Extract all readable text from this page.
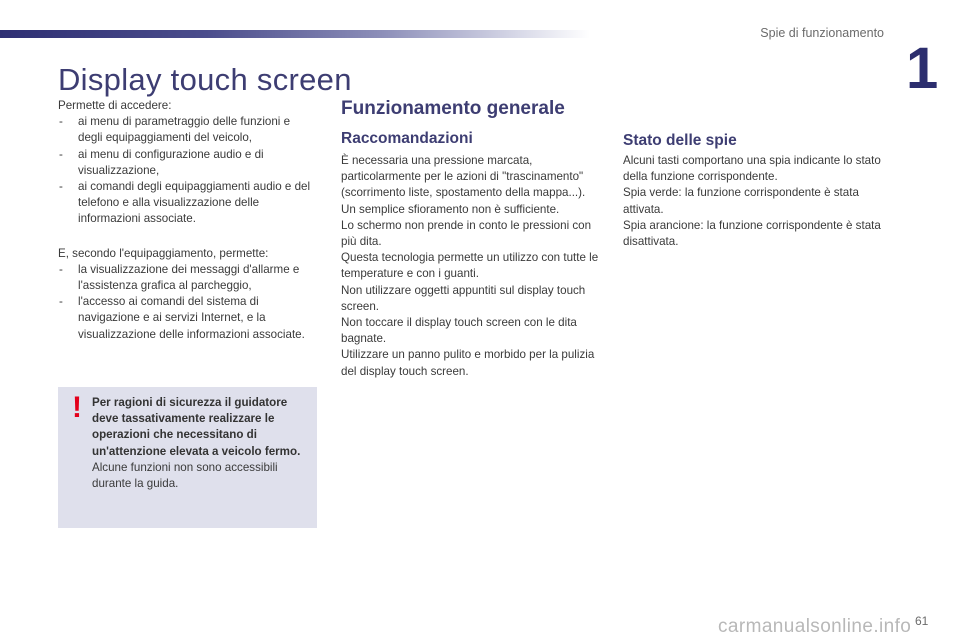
Spie di funzionamento
1
Display touch screen

Permette di accedere:

- ai menu di parametraggio delle funzioni e degli equipaggiamenti del veicolo,
- ai menu di configurazione audio e di visualizzazione,
- ai comandi degli equipaggiamenti audio e del telefono e alla visualizzazione delle informazioni associate.

E, secondo l'equipaggiamento, permette:

- la visualizzazione dei messaggi d'allarme e l'assistenza grafica al parcheggio,
- l'accesso ai comandi del sistema di navigazione e ai servizi Internet, e la visualizzazione delle informazioni associate.
! Per ragioni di sicurezza il guidatore deve tassativamente realizzare le operazioni che necessitano di un'attenzione elevata a veicolo fermo.
Alcune funzioni non sono accessibili durante la guida.
Funzionamento generale
Raccomandazioni

È necessaria una pressione marcata, particolarmente per le azioni di "trascinamento" (scorrimento liste, spostamento della mappa...).

Un semplice sfioramento non è sufficiente.

Lo schermo non prende in conto le pressioni con più dita.

Questa tecnologia permette un utilizzo con tutte le temperature e con i guanti.

Non utilizzare oggetti appuntiti sul display touch screen.

Non toccare il display touch screen con le dita bagnate.

Utilizzare un panno pulito e morbido per la pulizia del display touch screen.

Stato delle spie

Alcuni tasti comportano una spia indicante lo stato della funzione corrispondente.

Spia verde: la funzione corrispondente è stata attivata.

Spia arancione: la funzione corrispondente è stata disattivata.

carmanualsonline.info 61
